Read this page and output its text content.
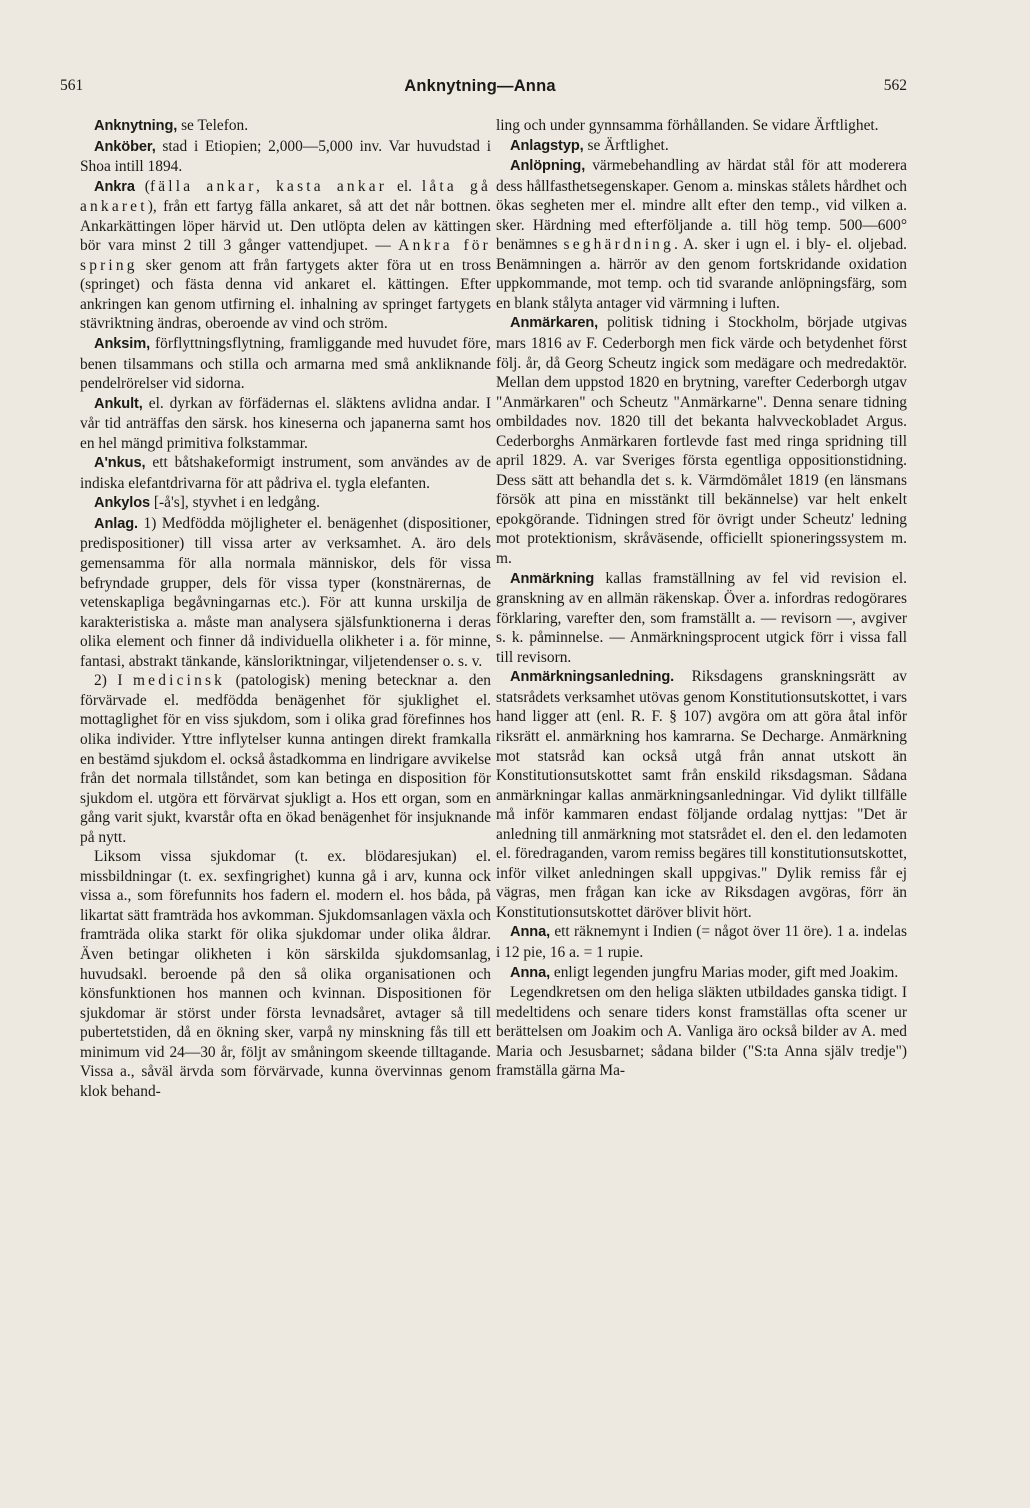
561	Anknytning—Anna	562

Anknytning, se Telefon.

Anköber, stad i Etiopien; 2,000—5,000 inv. Var huvudstad i Shoa intill 1894.

Ankra (fälla ankar, kasta ankar el. låta gå ankaret), från ett fartyg fälla ankaret, så att det når bottnen. Ankarkättingen löper härvid ut. Den utlöpta delen av kättingen bör vara minst 2 till 3 gånger vattendjupet. — Ankra för spring sker genom att från fartygets akter föra ut en tross (springet) och fästa denna vid ankaret el. kättingen. Efter ankringen kan genom utfirning el. inhalning av springet fartygets stävriktning ändras, oberoende av vind och ström.

Anksim, förflyttningsflytning, framliggande med huvudet före, benen tilsammans och stilla och armarna med små ankliknande pendelrörelser vid sidorna.

Ankult, el. dyrkan av förfädernas el. släktens avlidna andar. I vår tid anträffas den särsk. hos kineserna och japanerna samt hos en hel mängd primitiva folkstammar.

A'nkus, ett båtshakeformigt instrument, som användes av de indiska elefantdrivarna för att pådriva el. tygla elefanten.

Ankylos [-å's], styvhet i en ledgång.

Anlag. 1) Medfödda möjligheter el. benägenhet (dispositioner, predispositioner) till vissa arter av verksamhet. A. äro dels gemensamma för alla normala människor, dels för vissa befryndade grupper, dels för vissa typer (konstnärernas, de vetenskapliga begåvningarnas etc.). För att kunna urskilja de karakteristiska a. måste man analysera själsfunktionerna i deras olika element och finner då individuella olikheter i a. för minne, fantasi, abstrakt tänkande, känsloriktningar, viljetendenser o. s. v.

2) I medicinsk (patologisk) mening betecknar a. den förvärvade el. medfödda benägenhet för sjuklighet el. mottaglighet för en viss sjukdom, som i olika grad förefinnes hos olika individer. Yttre inflytelser kunna antingen direkt framkalla en bestämd sjukdom el. också åstadkomma en lindrigare avvikelse från det normala tillståndet, som kan betinga en disposition för sjukdom el. utgöra ett förvärvat sjukligt a. Hos ett organ, som en gång varit sjukt, kvarstår ofta en ökad benägenhet för insjuknande på nytt.

Liksom vissa sjukdomar (t. ex. blödaresjukan) el. missbildningar (t. ex. sexfingrighet) kunna gå i arv, kunna ock vissa a., som förefunnits hos fadern el. modern el. hos båda, på likartat sätt framträda hos avkomman. Sjukdomsanlagen växla och framträda olika starkt för olika sjukdomar under olika åldrar. Även betingar olikheten i kön särskilda sjukdomsanlag, huvudsakl. beroende på den så olika organisationen och könsfunktionen hos mannen och kvinnan. Dispositionen för sjukdomar är störst under första levnadsåret, avtager så till pubertetstiden, då en ökning sker, varpå ny minskning fås till ett minimum vid 24—30 år, följt av småningom skeende tilltagande. Vissa a., såväl ärvda som förvärvade, kunna övervinnas genom klok behand-

ling och under gynnsamma förhållanden. Se vidare Ärftlighet.

Anlagstyp, se Ärftlighet.

Anlöpning, värmebehandling av härdat stål för att moderera dess hållfasthetsegenskaper. Genom a. minskas stålets hårdhet och ökas segheten mer el. mindre allt efter den temp., vid vilken a. sker. Härdning med efterföljande a. till hög temp. 500—600° benämnes seghärdning. A. sker i ugn el. i bly- el. oljebad. Benämningen a. härrör av den genom fortskridande oxidation uppkommande, mot temp. och tid svarande anlöpningsfärg, som en blank stålyta antager vid värmning i luften.

Anmärkaren, politisk tidning i Stockholm, började utgivas mars 1816 av F. Cederborgh men fick värde och betydenhet först följ. år, då Georg Scheutz ingick som medägare och medredaktör. Mellan dem uppstod 1820 en brytning, varefter Cederborgh utgav "Anmärkaren" och Scheutz "Anmärkarne". Denna senare tidning ombildades nov. 1820 till det bekanta halvveckobladet Argus. Cederborghs Anmärkaren fortlevde fast med ringa spridning till april 1829. A. var Sveriges första egentliga oppositionstidning. Dess sätt att behandla det s. k. Värmdömålet 1819 (en länsmans försök att pina en misstänkt till bekännelse) var helt enkelt epokgörande. Tidningen stred för övrigt under Scheutz' ledning mot protektionism, skråväsende, officiellt spioneringssystem m. m.

Anmärkning kallas framställning av fel vid revision el. granskning av en allmän räkenskap. Över a. infordras redogörares förklaring, varefter den, som framställt a. — revisorn —, avgiver s. k. påminnelse. — Anmärkningsprocent utgick förr i vissa fall till revisorn.

Anmärkningsanledning. Riksdagens granskningsrätt av statsrådets verksamhet utövas genom Konstitutionsutskottet, i vars hand ligger att (enl. R. F. § 107) avgöra om att göra åtal inför riksrätt el. anmärkning hos kamrarna. Se Decharge. Anmärkning mot statsråd kan också utgå från annat utskott än Konstitutionsutskottet samt från enskild riksdagsman. Sådana anmärkningar kallas anmärkningsanledningar. Vid dylikt tillfälle må inför kammaren endast följande ordalag nyttjas: "Det är anledning till anmärkning mot statsrådet el. den el. den ledamoten el. föredraganden, varom remiss begäres till konstitutionsutskottet, inför vilket anledningen skall uppgivas." Dylik remiss får ej vägras, men frågan kan icke av Riksdagen avgöras, förr än Konstitutionsutskottet däröver blivit hört.

Anna, ett räknemynt i Indien (= något över 11 öre). 1 a. indelas i 12 pie, 16 a. = 1 rupie.

Anna, enligt legenden jungfru Marias moder, gift med Joakim.

Legendkretsen om den heliga släkten utbildades ganska tidigt. I medeltidens och senare tiders konst framställas ofta scener ur berättelsen om Joakim och A. Vanliga äro också bilder av A. med Maria och Jesusbarnet; sådana bilder ("S:ta Anna själv tredje") framställa gärna Ma-
